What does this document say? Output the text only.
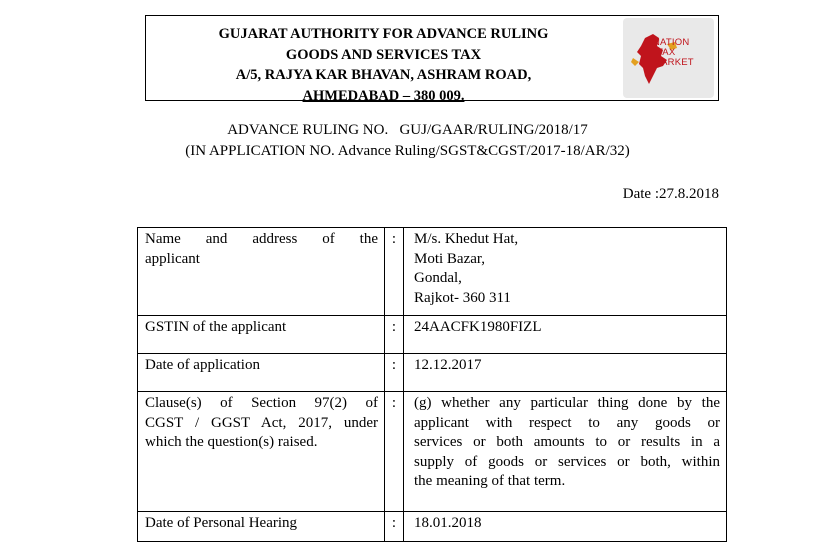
GUJARAT AUTHORITY FOR ADVANCE RULING
GOODS AND SERVICES TAX
A/5, RAJYA KAR BHAVAN, ASHRAM ROAD,
AHMEDABAD – 380 009.
NATION
TAX
MARKET
ADVANCE RULING NO.   GUJ/GAAR/RULING/2018/17
(IN APPLICATION NO. Advance Ruling/SGST&CGST/2017-18/AR/32)
Date :27.8.2018
Name and address of the
applicant	:	M/s. Khedut Hat,
Moti Bazar,
Gondal,
Rajkot- 360 311

GSTIN of the applicant	:	24AACFK1980FIZL

Date of application	:	12.12.2017

Clause(s) of Section 97(2) of
CGST / GGST Act, 2017, under
which the question(s) raised.	:	(g) whether any particular thing done by the
applicant with respect to any goods or
services or both amounts to or results in a
supply of goods or services or both, within
the meaning of that term.

Date of Personal Hearing	:	18.01.2018
